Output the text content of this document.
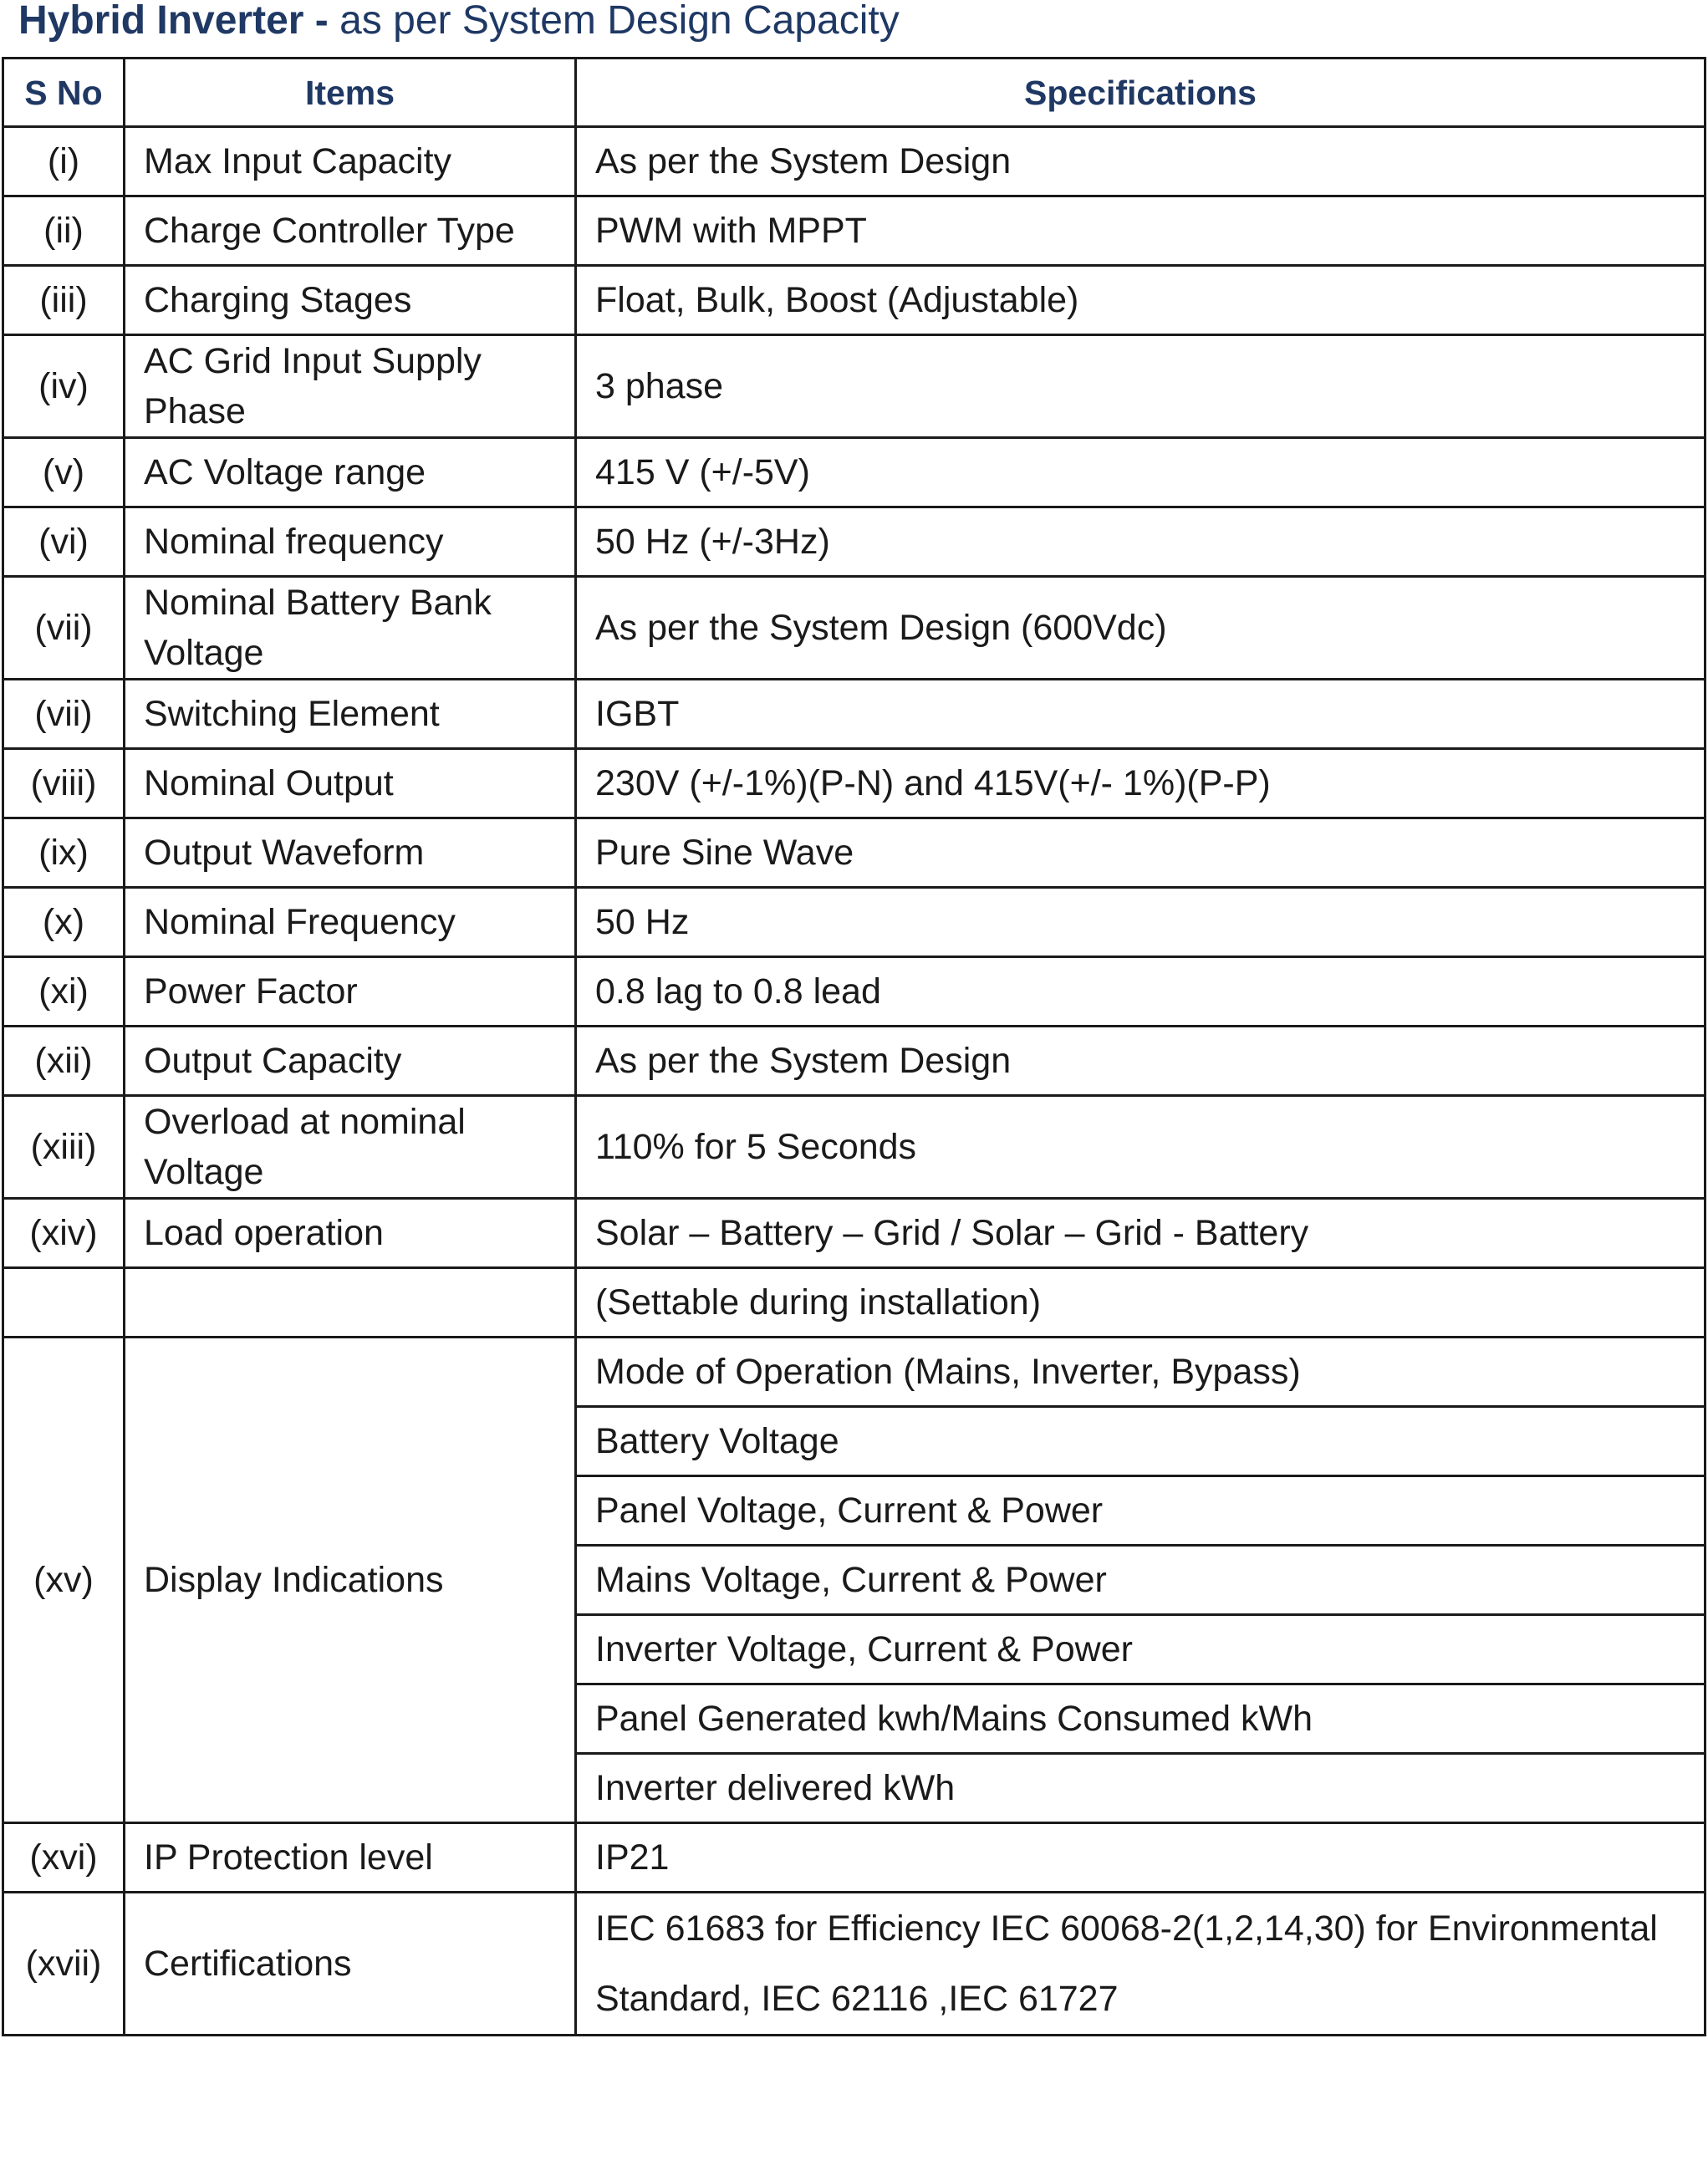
Hybrid Inverter - as per System Design Capacity
S No	Items	Specifications
(i)	Max Input Capacity	As per the System Design
(ii)	Charge Controller Type	PWM with MPPT
(iii)	Charging Stages	Float, Bulk, Boost (Adjustable)
(iv)	AC Grid Input Supply Phase	3 phase
(v)	AC Voltage range	415 V (+/-5V)
(vi)	Nominal frequency	50 Hz (+/-3Hz)
(vii)	Nominal Battery Bank Voltage	As per the System Design (600Vdc)
(vii)	Switching Element	IGBT
(viii)	Nominal Output	230V (+/-1%)(P-N) and 415V(+/- 1%)(P-P)
(ix)	Output Waveform	Pure Sine Wave
(x)	Nominal Frequency	50 Hz
(xi)	Power Factor	0.8 lag to 0.8 lead
(xii)	Output Capacity	As per the System Design
(xiii)	Overload at nominal Voltage	110% for 5 Seconds
(xiv)	Load operation	Solar – Battery – Grid / Solar – Grid - Battery
		(Settable during installation)
(xv)	Display Indications	Mode of Operation (Mains, Inverter, Bypass)
		Battery Voltage
		Panel Voltage, Current & Power
		Mains Voltage, Current & Power
		Inverter Voltage, Current & Power
		Panel Generated kwh/Mains Consumed kWh
		Inverter delivered kWh
(xvi)	IP Protection level	IP21
(xvii)	Certifications	IEC 61683 for Efficiency IEC 60068-2(1,2,14,30) for Environmental Standard, IEC 62116 ,IEC 61727
